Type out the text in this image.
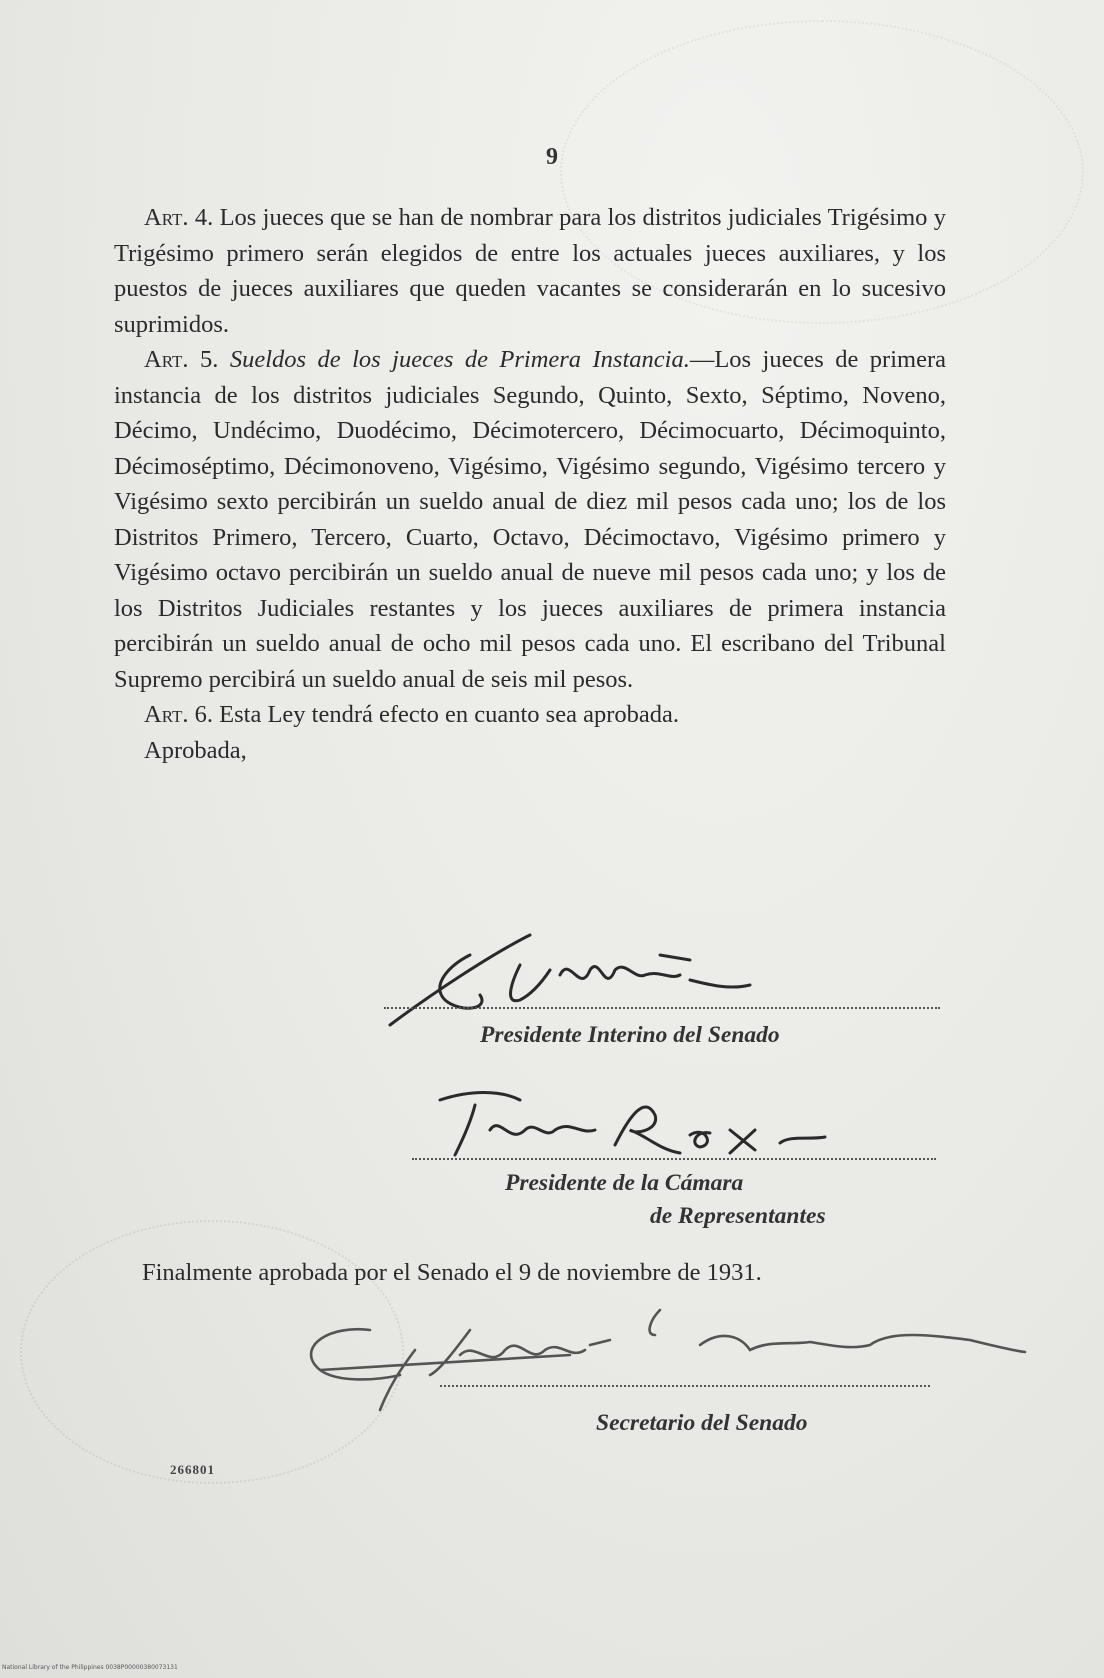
9

Art. 4. Los jueces que se han de nombrar para los distritos judiciales Trigésimo y Trigésimo primero serán elegidos de entre los actuales jueces auxiliares, y los puestos de jueces auxiliares que queden vacantes se considerarán en lo sucesivo suprimidos.

Art. 5. Sueldos de los jueces de Primera Instancia.—Los jueces de primera instancia de los distritos judiciales Segundo, Quinto, Sexto, Séptimo, Noveno, Décimo, Undécimo, Duodécimo, Décimotercero, Décimocuarto, Décimoquinto, Décimoséptimo, Décimonoveno, Vigésimo, Vigésimo segundo, Vigésimo tercero y Vigésimo sexto percibirán un sueldo anual de diez mil pesos cada uno; los de los Distritos Primero, Tercero, Cuarto, Octavo, Décimoctavo, Vigésimo primero y Vigésimo octavo percibirán un sueldo anual de nueve mil pesos cada uno; y los de los Distritos Judiciales restantes y los jueces auxiliares de primera instancia percibirán un sueldo anual de ocho mil pesos cada uno. El escribano del Tribunal Supremo percibirá un sueldo anual de seis mil pesos.

Art. 6. Esta Ley tendrá efecto en cuanto sea aprobada.

Aprobada,

Presidente Interino del Senado
Presidente de la Cámara
de Representantes

Finalmente aprobada por el Senado el 9 de noviembre de 1931.

Secretario del Senado
266801
National Library of the Philippines 0038P00000380073131
